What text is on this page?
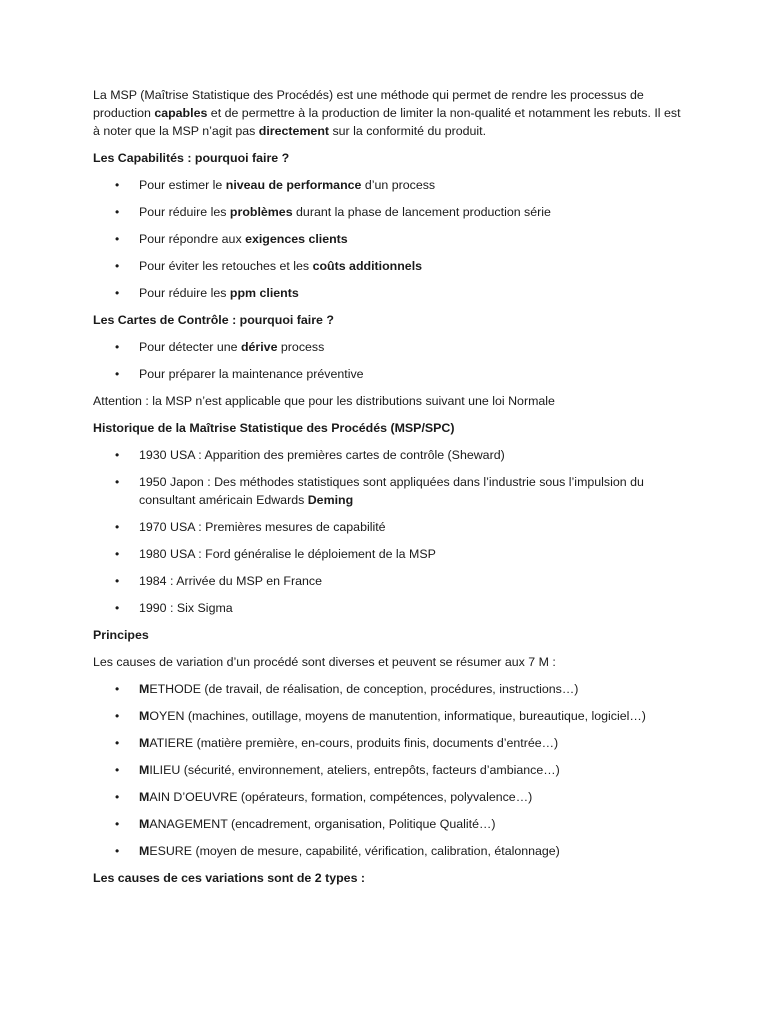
La MSP (Maîtrise Statistique des Procédés) est une méthode qui permet de rendre les processus de production capables et de permettre à la production de limiter la non-qualité et notamment les rebuts. Il est à noter que la MSP n’agit pas directement sur la conformité du produit.

Les Capabilités : pourquoi faire ?

• Pour estimer le niveau de performance d’un process
• Pour réduire les problèmes durant la phase de lancement production série
• Pour répondre aux exigences clients
• Pour éviter les retouches et les coûts additionnels
• Pour réduire les ppm clients

Les Cartes de Contrôle : pourquoi faire ?

• Pour détecter une dérive process
• Pour préparer la maintenance préventive

Attention : la MSP n’est applicable que pour les distributions suivant une loi Normale

Historique de la Maîtrise Statistique des Procédés (MSP/SPC)

• 1930 USA : Apparition des premières cartes de contrôle (Sheward)
• 1950 Japon : Des méthodes statistiques sont appliquées dans l’industrie sous l’impulsion du consultant américain Edwards Deming
• 1970 USA : Premières mesures de capabilité
• 1980 USA : Ford généralise le déploiement de la MSP
• 1984 : Arrivée du MSP en France
• 1990 : Six Sigma

Principes

Les causes de variation d’un procédé sont diverses et peuvent se résumer aux 7 M :

• METHODE (de travail, de réalisation, de conception, procédures, instructions…)
• MOYEN (machines, outillage, moyens de manutention, informatique, bureautique, logiciel…)
• MATIERE (matière première, en-cours, produits finis, documents d’entrée…)
• MILIEU (sécurité, environnement, ateliers, entrepôts, facteurs d’ambiance…)
• MAIN D’OEUVRE (opérateurs, formation, compétences, polyvalence…)
• MANAGEMENT (encadrement, organisation, Politique Qualité…)
• MESURE (moyen de mesure, capabilité, vérification, calibration, étalonnage)

Les causes de ces variations sont de 2 types :
